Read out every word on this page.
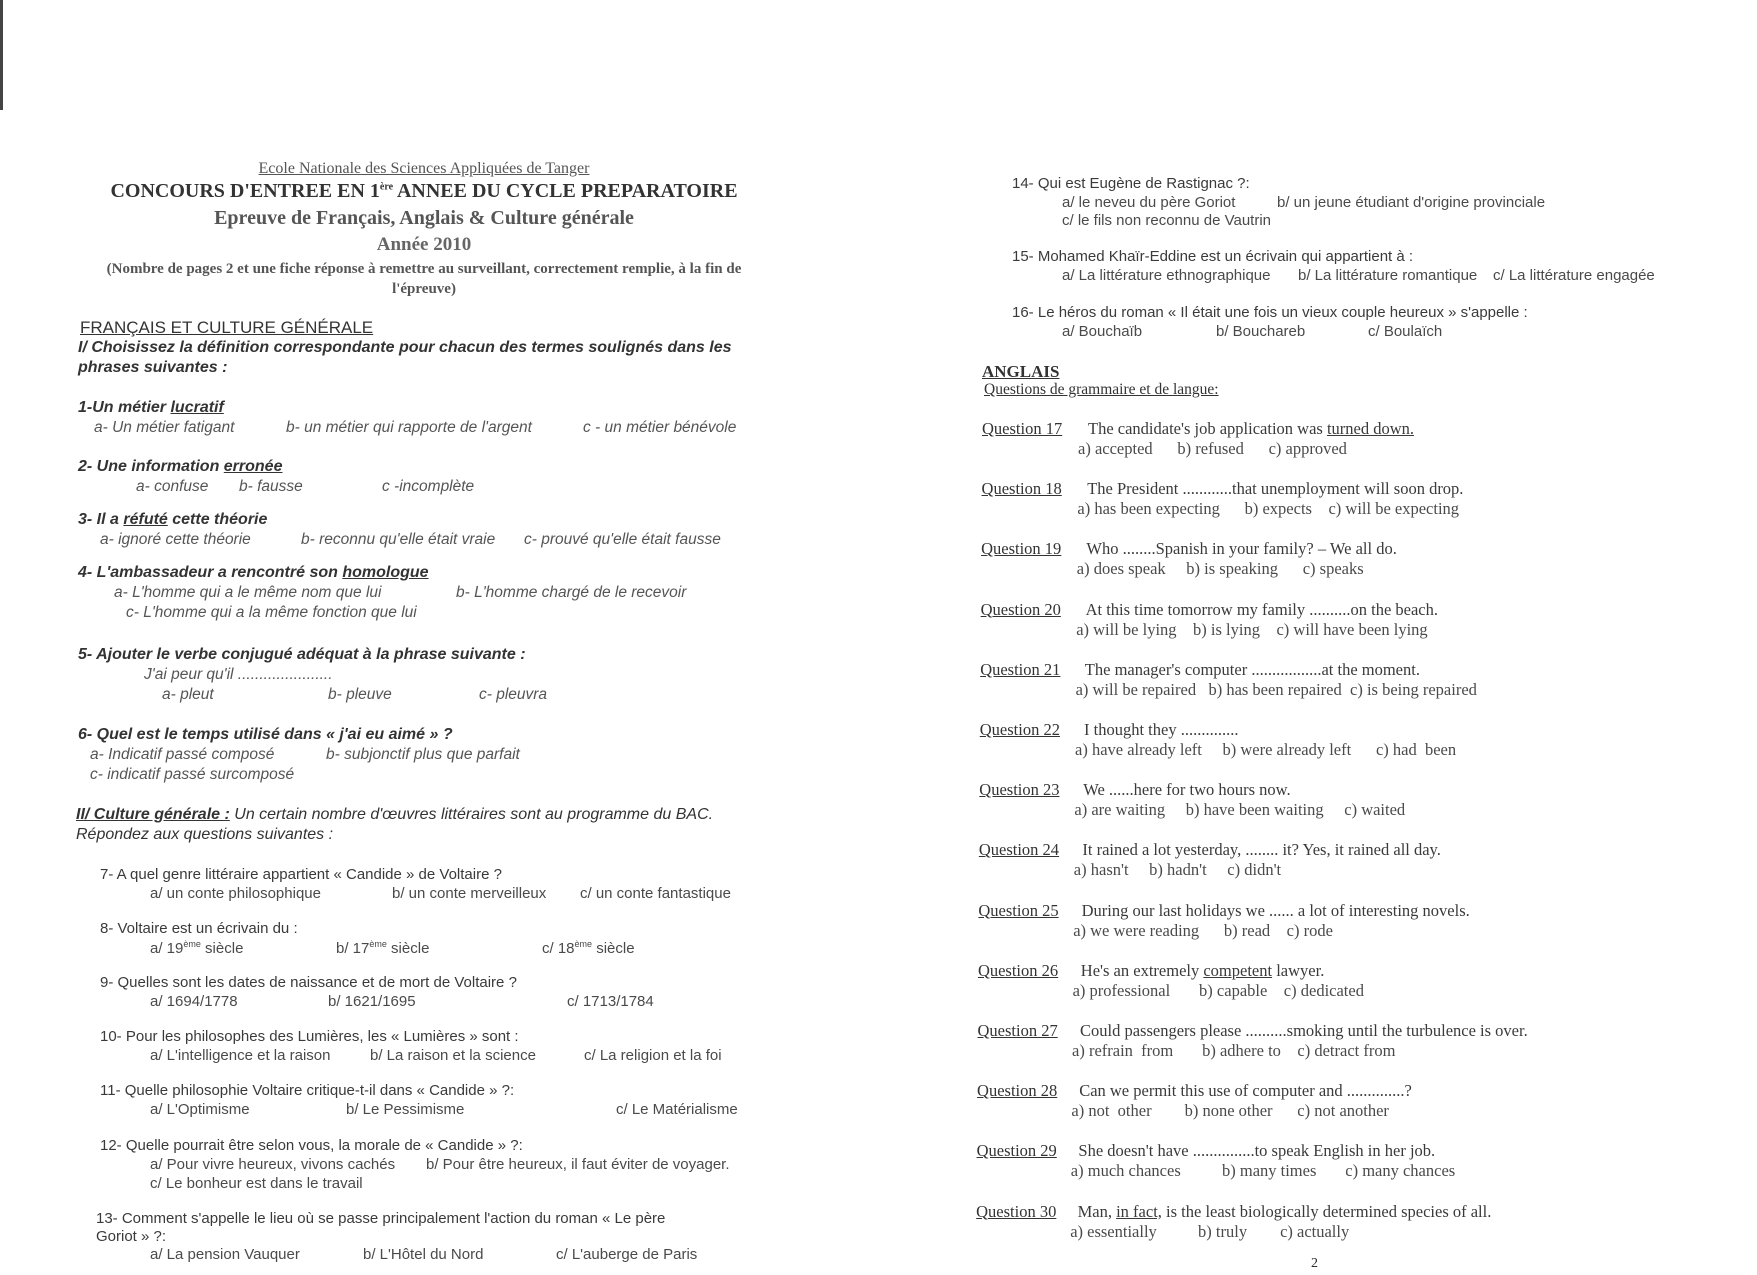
Ecole Nationale des Sciences Appliquées de Tanger
CONCOURS D'ENTREE EN 1ère ANNEE DU CYCLE PREPARATOIRE
Epreuve de Français, Anglais & Culture générale
Année 2010
(Nombre de pages 2 et une fiche réponse à remettre au surveillant, correctement remplie, à la fin de l'épreuve)
FRANÇAIS ET CULTURE GÉNÉRALE
I/ Choisissez la définition correspondante pour chacun des termes soulignés dans les phrases suivantes :
1-Un métier lucratif
a- Un métier fatigant	b- un métier qui rapporte de l'argent	c - un métier bénévole
2- Une information erronée
a- confuse b- fausse	c -incomplète
3- Il a réfuté cette théorie
a- ignoré cette théorie	b- reconnu qu'elle était vraie c- prouvé qu'elle était fausse
4- L'ambassadeur a rencontré son homologue
a- L'homme qui a le même nom que lui	b- L'homme chargé de le recevoir
c- L'homme qui a la même fonction que lui
5- Ajouter le verbe conjugué adéquat à la phrase suivante :
J'ai peur qu'il ......................
a- pleut	b- pleuve	c- pleuvra
6- Quel est le temps utilisé dans « j'ai eu aimé » ?
a- Indicatif passé composé	b- subjonctif plus que parfait
c- indicatif passé surcomposé
II/ Culture générale : Un certain nombre d'œuvres littéraires sont au programme du BAC.
Répondez aux questions suivantes :
7- A quel genre littéraire appartient « Candide » de Voltaire ?
a/ un conte philosophique	b/ un conte merveilleux c/ un conte fantastique
8- Voltaire est un écrivain du :
a/ 19ème siècle	b/ 17ème siècle	c/ 18ème siècle
9- Quelles sont les dates de naissance et de mort de Voltaire ?
a/ 1694/1778	b/ 1621/1695	c/ 1713/1784
10- Pour les philosophes des Lumières, les « Lumières » sont :
a/ L'intelligence et la raison	b/ La raison et la science	c/ La religion et la foi
11- Quelle philosophie Voltaire critique-t-il dans « Candide » ?:
a/ L'Optimisme	b/ Le Pessimisme	c/ Le Matérialisme
12- Quelle pourrait être selon vous, la morale de « Candide » ?:
a/ Pour vivre heureux, vivons cachés b/ Pour être heureux, il faut éviter de voyager.
c/ Le bonheur est dans le travail
13- Comment s'appelle le lieu où se passe principalement l'action du roman « Le père
Goriot » ?:
a/ La pension Vauquer	b/ L'Hôtel du Nord	c/ L'auberge de Paris
14- Qui est Eugène de Rastignac ?:
a/ le neveu du père Goriot	b/ un jeune étudiant d'origine provinciale
c/ le fils non reconnu de Vautrin
15- Mohamed Khaïr-Eddine est un écrivain qui appartient à :
a/ La littérature ethnographique b/ La littérature romantique c/ La littérature engagée
16- Le héros du roman « Il était une fois un vieux couple heureux » s'appelle :
a/ Bouchaïb	b/ Bouchareb	c/ Boulaïch
ANGLAIS
Questions de grammaire et de langue:
Question 17 The candidate's job application was turned down.
a) accepted      b) refused      c) approved
Question 18 The President ............that unemployment will soon drop.
a) has been expecting      b) expects    c) will be expecting
Question 19 Who ........Spanish in your family? – We all do.
a) does speak     b) is speaking      c) speaks
Question 20 At this time tomorrow my family ..........on the beach.
a) will be lying    b) is lying    c) will have been lying
Question 21 The manager's computer .................at the moment.
a) will be repaired   b) has been repaired  c) is being repaired
Question 22 I thought they ..............
a) have already left     b) were already left      c) had  been
Question 23 We ......here for two hours now.
a) are waiting     b) have been waiting     c) waited
Question 24 It rained a lot yesterday, ........ it? Yes, it rained all day.
a) hasn't     b) hadn't     c) didn't
Question 25 During our last holidays we ...... a lot of interesting novels.
a) we were reading      b) read    c) rode
Question 26 He's an extremely competent lawyer.
a) professional       b) capable    c) dedicated
Question 27 Could passengers please ..........smoking until the turbulence is over.
a) refrain  from       b) adhere to    c) detract from
Question 28 Can we permit this use of computer and ..............?
a) not  other        b) none other      c) not another
Question 29 She doesn't have ...............to speak English in her job.
a) much chances          b) many times       c) many chances
Question 30 Man, in fact, is the least biologically determined species of all.
a) essentially          b) truly        c) actually
2
